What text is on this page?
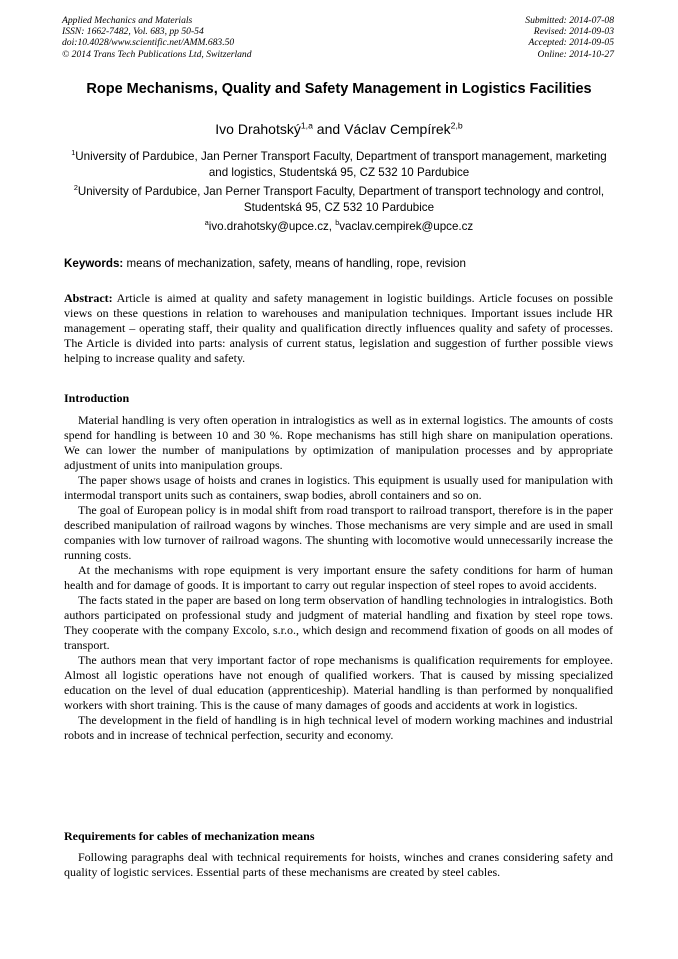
Applied Mechanics and Materials
ISSN: 1662-7482, Vol. 683, pp 50-54
doi:10.4028/www.scientific.net/AMM.683.50
© 2014 Trans Tech Publications Ltd, Switzerland
Submitted: 2014-07-08
Revised: 2014-09-03
Accepted: 2014-09-05
Online: 2014-10-27
Rope Mechanisms, Quality and Safety Management in Logistics Facilities
Ivo Drahotský$^{1,a}$ and Václav Cempírek$^{2,b}$
$^1$University of Pardubice, Jan Perner Transport Faculty, Department of transport management, marketing and logistics, Studentská 95, CZ 532 10 Pardubice
$^2$University of Pardubice, Jan Perner Transport Faculty, Department of transport technology and control, Studentská 95, CZ 532 10 Pardubice
$^a$ivo.drahotsky@upce.cz, $^b$vaclav.cempirek@upce.cz
Keywords: means of mechanization, safety, means of handling, rope, revision

Abstract: Article is aimed at quality and safety management in logistic buildings. Article focuses on possible views on these questions in relation to warehouses and manipulation techniques. Important issues include HR management – operating staff, their quality and qualification directly influences quality and safety of processes. The Article is divided into parts: analysis of current status, legislation and suggestion of further possible views helping to increase quality and safety.

Introduction

Material handling is very often operation in intralogistics as well as in external logistics. The amounts of costs spend for handling is between 10 and 30 %. Rope mechanisms has still high share on manipulation operations. We can lower the number of manipulations by optimization of manipulation processes and by appropriate adjustment of units into manipulation groups.

The paper shows usage of hoists and cranes in logistics. This equipment is usually used for manipulation with intermodal transport units such as containers, swap bodies, abroll containers and so on.

The goal of European policy is in modal shift from road transport to railroad transport, therefore is in the paper described manipulation of railroad wagons by winches. Those mechanisms are very simple and are used in small companies with low turnover of railroad wagons. The shunting with locomotive would unnecessarily increase the running costs.

At the mechanisms with rope equipment is very important ensure the safety conditions for harm of human health and for damage of goods. It is important to carry out regular inspection of steel ropes to avoid accidents.

The facts stated in the paper are based on long term observation of handling technologies in intralogistics. Both authors participated on professional study and judgment of material handling and fixation by steel rope tows. They cooperate with the company Excolo, s.r.o., which design and recommend fixation of goods on all modes of transport.

The authors mean that very important factor of rope mechanisms is qualification requirements for employee. Almost all logistic operations have not enough of qualified workers. That is caused by missing specialized education on the level of dual education (apprenticeship). Material handling is than performed by nonqualified workers with short training. This is the cause of many damages of goods and accidents at work in logistics.

The development in the field of handling is in high technical level of modern working machines and industrial robots and in increase of technical perfection, security and economy.

Requirements for cables of mechanization means

Following paragraphs deal with technical requirements for hoists, winches and cranes considering safety and quality of logistic services. Essential parts of these mechanisms are created by steel cables.
